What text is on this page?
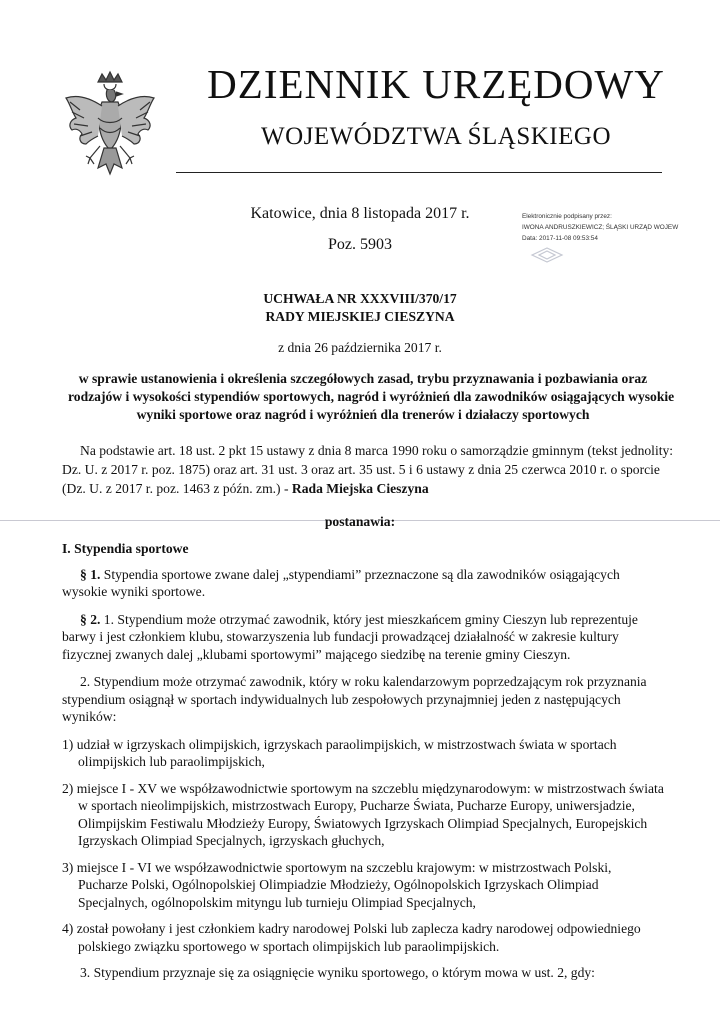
DZIENNIK URZĘDOWY
WOJEWÓDZTWA ŚLĄSKIEGO
Katowice, dnia 8 listopada 2017 r.
Poz. 5903
Elektronicznie podpisany przez:
IWONA ANDRUSZKIEWICZ; ŚLĄSKI URZĄD WOJEW
Data: 2017-11-08 09:53:54
UCHWAŁA NR XXXVIII/370/17
RADY MIEJSKIEJ CIESZYNA
z dnia 26 października 2017 r.
w sprawie ustanowienia i określenia szczegółowych zasad, trybu przyznawania i pozbawiania oraz
rodzajów i wysokości stypendiów sportowych, nagród i wyróżnień dla zawodników osiągających wysokie
wyniki sportowe oraz nagród i wyróżnień dla trenerów i działaczy sportowych
Na podstawie art. 18 ust. 2 pkt 15 ustawy z dnia 8 marca 1990 roku o samorządzie gminnym (tekst jednolity:
Dz. U. z 2017 r. poz. 1875) oraz art. 31 ust. 3 oraz art. 35 ust. 5 i 6 ustawy z dnia 25 czerwca 2010 r. o sporcie
(Dz. U. z 2017 r. poz. 1463 z późn. zm.) - Rada Miejska Cieszyna
postanawia:
I. Stypendia sportowe
§ 1. Stypendia sportowe zwane dalej „stypendiami” przeznaczone są dla zawodników osiągających
wysokie wyniki sportowe.
§ 2. 1. Stypendium może otrzymać zawodnik, który jest mieszkańcem gminy Cieszyn lub reprezentuje
barwy i jest członkiem klubu, stowarzyszenia lub fundacji prowadzącej działalność w zakresie kultury
fizycznej zwanych dalej „klubami sportowymi” mającego siedzibę na terenie gminy Cieszyn.
2. Stypendium może otrzymać zawodnik, który w roku kalendarzowym poprzedzającym rok przyznania
stypendium osiągnął w sportach indywidualnych lub zespołowych przynajmniej jeden z następujących
wyników:
1) udział w igrzyskach olimpijskich, igrzyskach paraolimpijskich, w mistrzostwach świata w sportach
olimpijskich lub paraolimpijskich,
2) miejsce I - XV we współzawodnictwie sportowym na szczeblu międzynarodowym: w mistrzostwach świata
w sportach nieolimpijskich, mistrzostwach Europy, Pucharze Świata, Pucharze Europy, uniwersjadzie,
Olimpijskim Festiwalu Młodzieży Europy, Światowych Igrzyskach Olimpiad Specjalnych, Europejskich
Igrzyskach Olimpiad Specjalnych, igrzyskach głuchych,
3) miejsce I - VI we współzawodnictwie sportowym na szczeblu krajowym: w mistrzostwach Polski,
Pucharze Polski, Ogólnopolskiej Olimpiadzie Młodzieży, Ogólnopolskich Igrzyskach Olimpiad
Specjalnych, ogólnopolskim mityngu lub turnieju Olimpiad Specjalnych,
4) został powołany i jest członkiem kadry narodowej Polski lub zaplecza kadry narodowej odpowiedniego
polskiego związku sportowego w sportach olimpijskich lub paraolimpijskich.
3. Stypendium przyznaje się za osiągnięcie wyniku sportowego, o którym mowa w ust. 2, gdy:
